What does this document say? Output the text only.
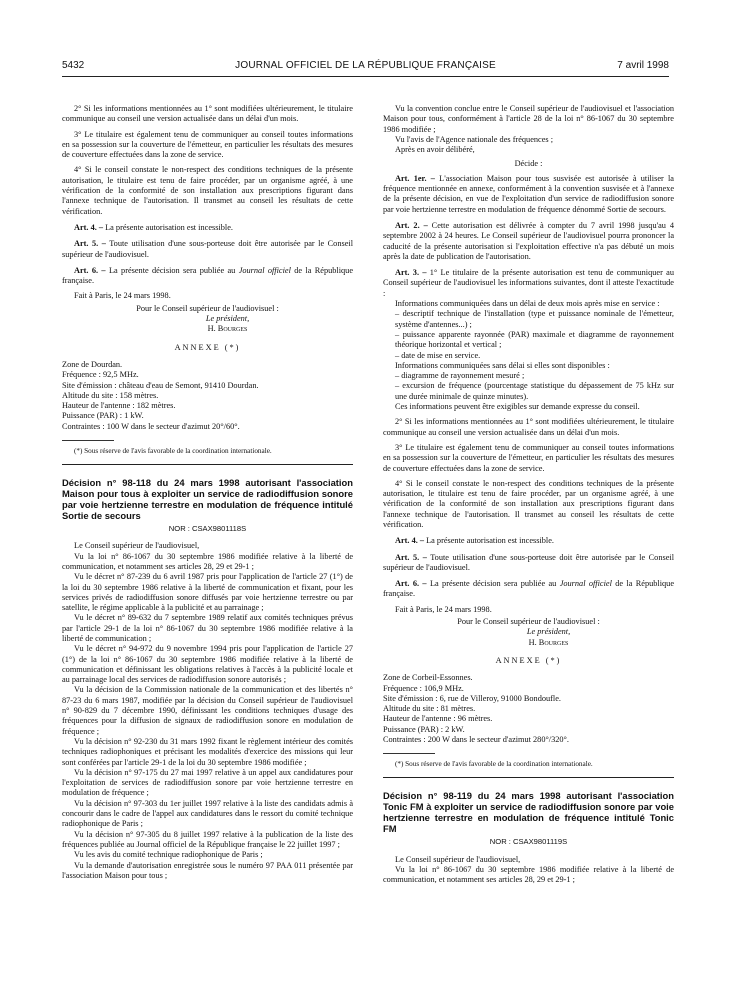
5432	JOURNAL OFFICIEL DE LA RÉPUBLIQUE FRANÇAISE	7 avril 1998

2° Si les informations mentionnées au 1° sont modifiées ultérieurement, le titulaire communique au conseil une version actualisée dans un délai d'un mois.

3° Le titulaire est également tenu de communiquer au conseil toutes informations en sa possession sur la couverture de l'émetteur, en particulier les résultats des mesures de couverture effectuées dans la zone de service.

4° Si le conseil constate le non-respect des conditions techniques de la présente autorisation, le titulaire est tenu de faire procéder, par un organisme agréé, à une vérification de la conformité de son installation aux prescriptions figurant dans l'annexe technique de l'autorisation. Il transmet au conseil les résultats de cette vérification.

Art. 4. – La présente autorisation est incessible.

Art. 5. – Toute utilisation d'une sous-porteuse doit être autorisée par le Conseil supérieur de l'audiovisuel.

Art. 6. – La présente décision sera publiée au Journal officiel de la République française.

Fait à Paris, le 24 mars 1998.

Pour le Conseil supérieur de l'audiovisuel :
Le président,
H. Bourges
ANNEXE (*)

Zone de Dourdan.

Fréquence : 92,5 MHz.

Site d'émission : château d'eau de Semont, 91410 Dourdan.

Altitude du site : 158 mètres.

Hauteur de l'antenne : 182 mètres.

Puissance (PAR) : 1 kW.

Contraintes : 100 W dans le secteur d'azimut 20°/60°.

(*) Sous réserve de l'avis favorable de la coordination internationale.

Décision n° 98-118 du 24 mars 1998 autorisant l'association Maison pour tous à exploiter un service de radiodiffusion sonore par voie hertzienne terrestre en modulation de fréquence intitulé Sortie de secours
NOR : CSAX9801118S

Le Conseil supérieur de l'audiovisuel,

Vu la loi n° 86-1067 du 30 septembre 1986 modifiée relative à la liberté de communication, et notamment ses articles 28, 29 et 29-1 ;

Vu le décret n° 87-239 du 6 avril 1987 pris pour l'application de l'article 27 (1°) de la loi du 30 septembre 1986 relative à la liberté de communication et fixant, pour les services privés de radiodiffusion sonore diffusés par voie hertzienne terrestre ou par satellite, le régime applicable à la publicité et au parrainage ;

Vu le décret n° 89-632 du 7 septembre 1989 relatif aux comités techniques prévus par l'article 29-1 de la loi n° 86-1067 du 30 septembre 1986 modifiée relative à la liberté de communication ;

Vu le décret n° 94-972 du 9 novembre 1994 pris pour l'application de l'article 27 (1°) de la loi n° 86-1067 du 30 septembre 1986 modifiée relative à la liberté de communication et définissant les obligations relatives à l'accès à la publicité locale et au parrainage local des services de radiodiffusion sonore autorisés ;

Vu la décision de la Commission nationale de la communication et des libertés n° 87-23 du 6 mars 1987, modifiée par la décision du Conseil supérieur de l'audiovisuel n° 90-829 du 7 décembre 1990, définissant les conditions techniques d'usage des fréquences pour la diffusion de signaux de radiodiffusion sonore en modulation de fréquence ;

Vu la décision n° 92-230 du 31 mars 1992 fixant le règlement intérieur des comités techniques radiophoniques et précisant les modalités d'exercice des missions qui leur sont conférées par l'article 29-1 de la loi du 30 septembre 1986 modifiée ;

Vu la décision n° 97-175 du 27 mai 1997 relative à un appel aux candidatures pour l'exploitation de services de radiodiffusion sonore par voie hertzienne terrestre en modulation de fréquence ;

Vu la décision n° 97-303 du 1er juillet 1997 relative à la liste des candidats admis à concourir dans le cadre de l'appel aux candidatures dans le ressort du comité technique radiophonique de Paris ;

Vu la décision n° 97-305 du 8 juillet 1997 relative à la publication de la liste des fréquences publiée au Journal officiel de la République française le 22 juillet 1997 ;

Vu les avis du comité technique radiophonique de Paris ;

Vu la demande d'autorisation enregistrée sous le numéro 97 PAA 011 présentée par l'association Maison pour tous ;

Vu la convention conclue entre le Conseil supérieur de l'audiovisuel et l'association Maison pour tous, conformément à l'article 28 de la loi n° 86-1067 du 30 septembre 1986 modifiée ;

Vu l'avis de l'Agence nationale des fréquences ;

Après en avoir délibéré,

Décide :

Art. 1er. – L'association Maison pour tous susvisée est autorisée à utiliser la fréquence mentionnée en annexe, conformément à la convention susvisée et à l'annexe de la présente décision, en vue de l'exploitation d'un service de radiodiffusion sonore par voie hertzienne terrestre en modulation de fréquence dénommé Sortie de secours.

Art. 2. – Cette autorisation est délivrée à compter du 7 avril 1998 jusqu'au 4 septembre 2002 à 24 heures. Le Conseil supérieur de l'audiovisuel pourra prononcer la caducité de la présente autorisation si l'exploitation effective n'a pas débuté un mois après la date de publication de l'autorisation.

Art. 3. – 1° Le titulaire de la présente autorisation est tenu de communiquer au Conseil supérieur de l'audiovisuel les informations suivantes, dont il atteste l'exactitude :

Informations communiquées dans un délai de deux mois après mise en service :

– descriptif technique de l'installation (type et puissance nominale de l'émetteur, système d'antennes...) ;

– puissance apparente rayonnée (PAR) maximale et diagramme de rayonnement théorique horizontal et vertical ;

– date de mise en service.

Informations communiquées sans délai si elles sont disponibles :

– diagramme de rayonnement mesuré ;

– excursion de fréquence (pourcentage statistique du dépassement de 75 kHz sur une durée minimale de quinze minutes).

Ces informations peuvent être exigibles sur demande expresse du conseil.

2° Si les informations mentionnées au 1° sont modifiées ultérieurement, le titulaire communique au conseil une version actualisée dans un délai d'un mois.

3° Le titulaire est également tenu de communiquer au conseil toutes informations en sa possession sur la couverture de l'émetteur, en particulier les résultats des mesures de couverture effectuées dans la zone de service.

4° Si le conseil constate le non-respect des conditions techniques de la présente autorisation, le titulaire est tenu de faire procéder, par un organisme agréé, à une vérification de la conformité de son installation aux prescriptions figurant dans l'annexe technique de l'autorisation. Il transmet au conseil les résultats de cette vérification.

Art. 4. – La présente autorisation est incessible.

Art. 5. – Toute utilisation d'une sous-porteuse doit être autorisée par le Conseil supérieur de l'audiovisuel.

Art. 6. – La présente décision sera publiée au Journal officiel de la République française.

Fait à Paris, le 24 mars 1998.

Pour le Conseil supérieur de l'audiovisuel :
Le président,
H. Bourges
ANNEXE (*)

Zone de Corbeil-Essonnes.

Fréquence : 106,9 MHz.

Site d'émission : 6, rue de Villeroy, 91000 Bondoufle.

Altitude du site : 81 mètres.

Hauteur de l'antenne : 96 mètres.

Puissance (PAR) : 2 kW.

Contraintes : 200 W dans le secteur d'azimut 280°/320°.

(*) Sous réserve de l'avis favorable de la coordination internationale.

Décision n° 98-119 du 24 mars 1998 autorisant l'association Tonic FM à exploiter un service de radiodiffusion sonore par voie hertzienne terrestre en modulation de fréquence intitulé Tonic FM
NOR : CSAX9801119S

Le Conseil supérieur de l'audiovisuel,

Vu la loi n° 86-1067 du 30 septembre 1986 modifiée relative à la liberté de communication, et notamment ses articles 28, 29 et 29-1 ;
